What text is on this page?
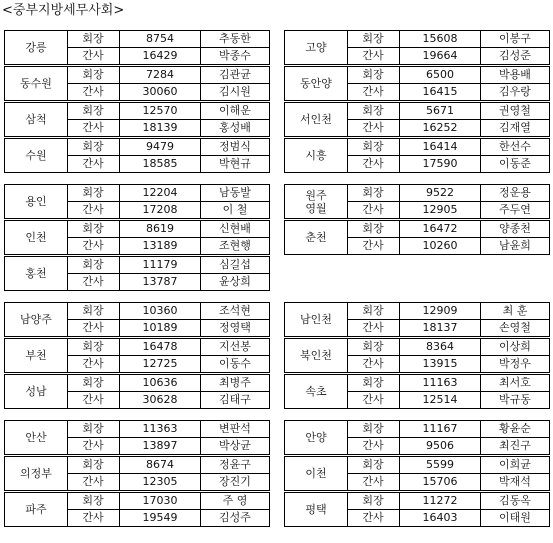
<중부지방세무사회>
강릉
회장	8754	추동한
간사	16429	박종수
동수원
회장	7284	김관균
간사	30060	김시원
삼척
회장	12570	이해운
간사	18139	홍성배
수원
회장	9479	정범식
간사	18585	박현규
용인
회장	12204	남동발
간사	17208	이 철
인천
회장	8619	신현배
간사	13189	조현행
홍천
회장	11179	심길섭
간사	13787	윤상희
남양주
회장	10360	조석현
간사	10189	정영택
부천
회장	16478	지선봉
간사	12725	이동수
성남
회장	10636	최병주
간사	30628	김태구
안산
회장	11363	변판석
간사	13897	박상균
의정부
회장	8674	정윤구
간사	12305	장진기
파주
회장	17030	주 영
간사	19549	김성주
고양
회장	15608	이봉구
간사	19664	김성준
동안양
회장	6500	박용배
간사	16415	김우랑
서인천
회장	5671	권영철
간사	16252	김재열
시흥
회장	16414	한선수
간사	17590	이동준
원주
영월
회장	9522	정운용
간사	12905	주두연
춘천
회장	16472	양종천
간사	10260	남윤희
남인천
회장	12909	최 훈
간사	18137	손영철
북인천
회장	8364	이상희
간사	13915	박정우
속초
회장	11163	최서호
간사	12514	박규동
안양
회장	11167	황윤순
간사	9506	최진구
이천
회장	5599	이희균
간사	15706	박재석
평택
회장	11272	김동옥
간사	16403	이태원
